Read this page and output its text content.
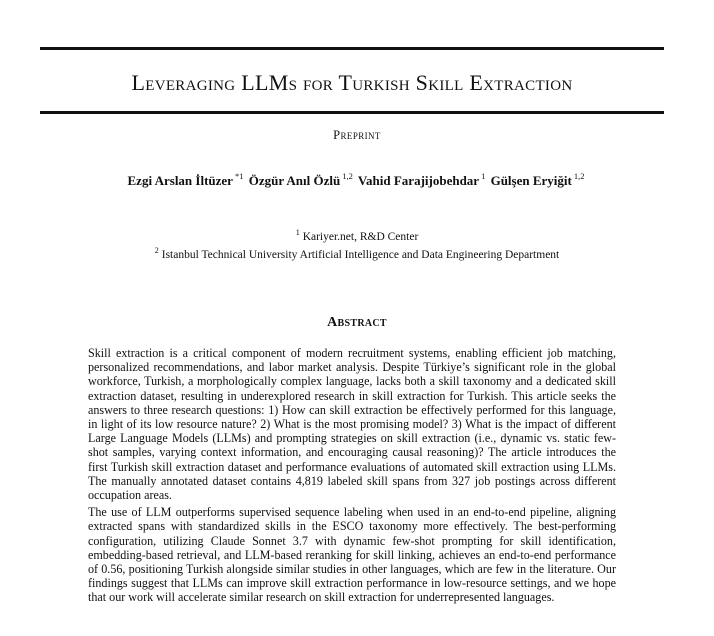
Leveraging LLMs for Turkish Skill Extraction
Preprint
Ezgi Arslan İltüzer $^{*1}$ Özgür Anıl Özlü $^{1,2}$ Vahid Farajijobehdar $^1$ Gülşen Eryiğit $^{1,2}$
$^1$ Kariyer.net, R&D Center
$^2$ Istanbul Technical University Artificial Intelligence and Data Engineering Department
Abstract

Skill extraction is a critical component of modern recruitment systems, enabling efficient job matching, personalized recommendations, and labor market analysis. Despite Türkiye’s significant role in the global workforce, Turkish, a morphologically complex language, lacks both a skill taxonomy and a dedicated skill extraction dataset, resulting in underexplored research in skill extraction for Turkish. This article seeks the answers to three research questions: 1) How can skill extraction be effectively performed for this language, in light of its low resource nature? 2) What is the most promising model? 3) What is the impact of different Large Language Models (LLMs) and prompting strategies on skill extraction (i.e., dynamic vs. static few-shot samples, varying context information, and encouraging causal reasoning)? The article introduces the first Turkish skill extraction dataset and performance evaluations of automated skill extraction using LLMs. The manually annotated dataset contains 4,819 labeled skill spans from 327 job postings across different occupation areas.

The use of LLM outperforms supervised sequence labeling when used in an end-to-end pipeline, aligning extracted spans with standardized skills in the ESCO taxonomy more effectively. The best-performing configuration, utilizing Claude Sonnet 3.7 with dynamic few-shot prompting for skill identification, embedding-based retrieval, and LLM-based reranking for skill linking, achieves an end-to-end performance of 0.56, positioning Turkish alongside similar studies in other languages, which are few in the literature. Our findings suggest that LLMs can improve skill extraction performance in low-resource settings, and we hope that our work will accelerate similar research on skill extraction for underrepresented languages.
